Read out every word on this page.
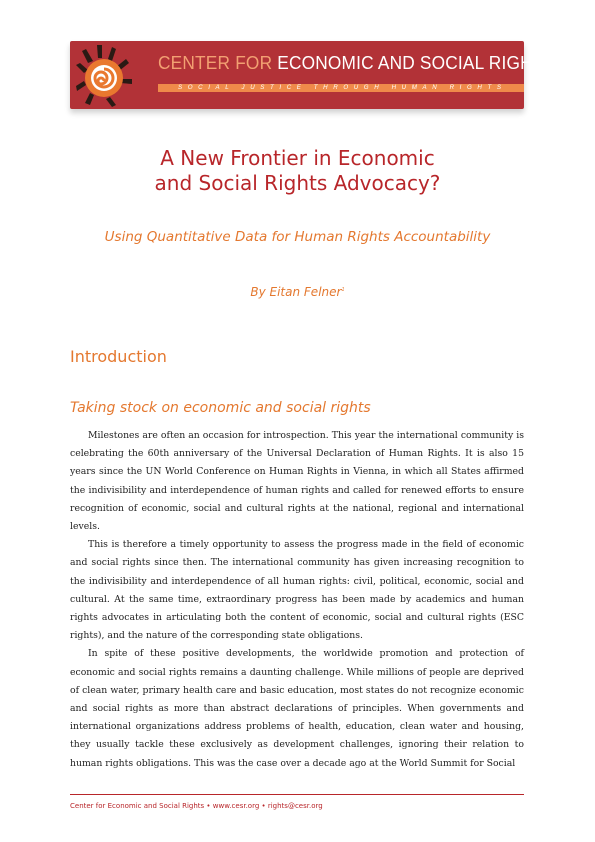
CENTER FOR ECONOMIC AND SOCIAL RIGHTS
SOCIAL JUSTICE THROUGH HUMAN RIGHTS
A New Frontier in Economic
and Social Rights Advocacy?
Using Quantitative Data for Human Rights Accountability
By Eitan Felner$^1$
Introduction
Taking stock on economic and social rights

Milestones are often an occasion for introspection. This year the international community is celebrating the 60th anniversary of the Universal Declaration of Human Rights. It is also 15 years since the UN World Conference on Human Rights in Vienna, in which all States affirmed the indivisibility and interdependence of human rights and called for renewed efforts to ensure recognition of economic, social and cultural rights at the national, regional and international levels.

This is therefore a timely opportunity to assess the progress made in the field of economic and social rights since then. The international community has given increasing recognition to the indivisibility and interdependence of all human rights: civil, political, economic, social and cultural. At the same time, extraordinary progress has been made by academics and human rights advocates in articulating both the content of economic, social and cultural rights (ESC rights), and the nature of the corresponding state obligations.

In spite of these positive developments, the worldwide promotion and protection of economic and social rights remains a daunting challenge. While millions of people are deprived of clean water, primary health care and basic education, most states do not recognize economic and social rights as more than abstract declarations of principles. When governments and international organizations address problems of health, education, clean water and housing, they usually tackle these exclusively as development challenges, ignoring their relation to human rights obligations. This was the case over a decade ago at the World Summit for Social

Center for Economic and Social Rights • www.cesr.org • rights@cesr.org
